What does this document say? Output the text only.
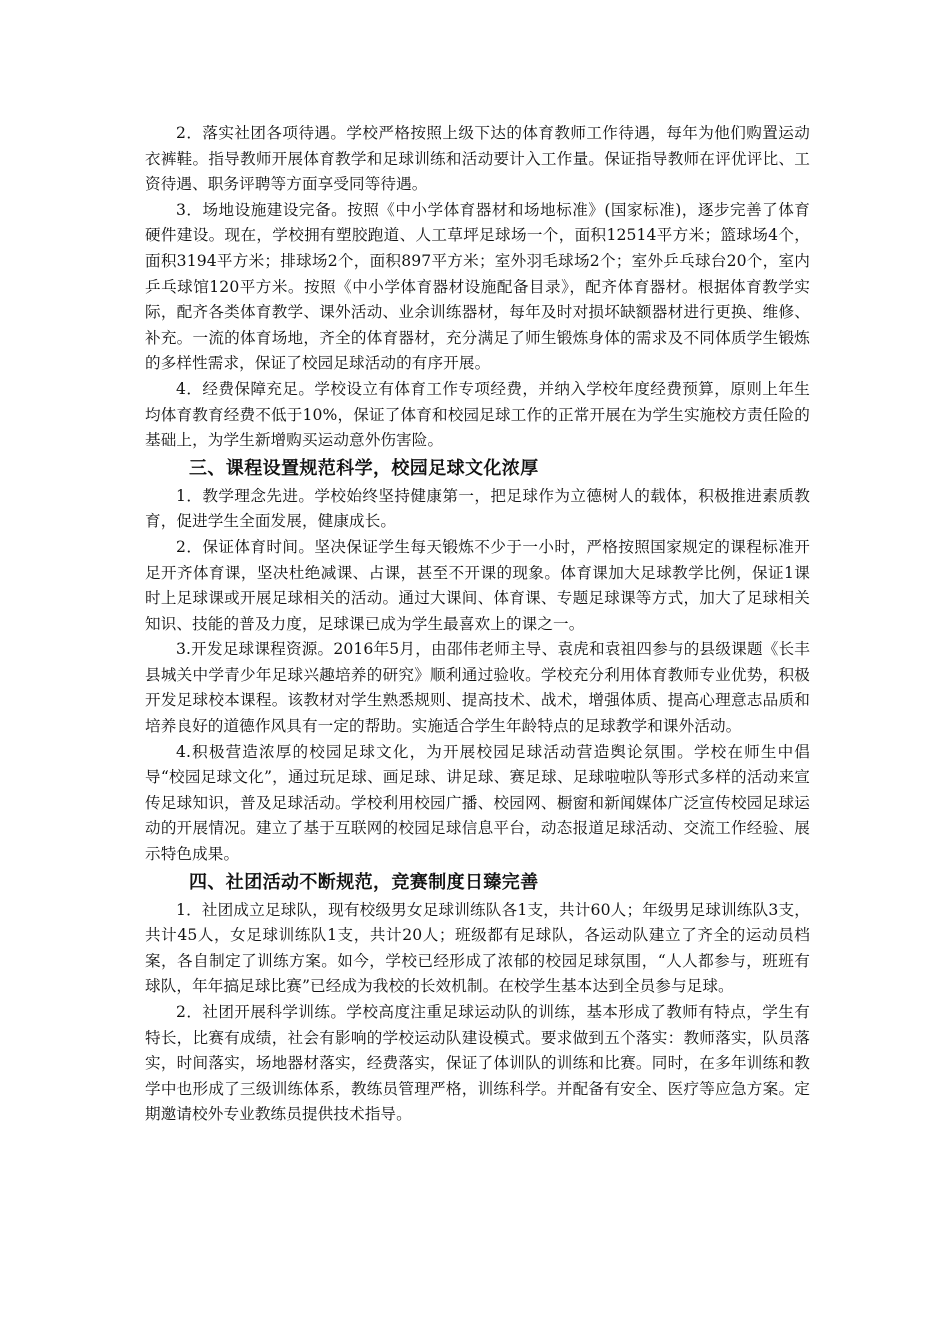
2．落实社团各项待遇。学校严格按照上级下达的体育教师工作待遇，每年为他们购置运动衣裤鞋。指导教师开展体育教学和足球训练和活动要计入工作量。保证指导教师在评优评比、工资待遇、职务评聘等方面享受同等待遇。

3．场地设施建设完备。按照《中小学体育器材和场地标准》(国家标准)，逐步完善了体育硬件建设。现在，学校拥有塑胶跑道、人工草坪足球场一个，面积12514平方米；篮球场4个，面积3194平方米；排球场2个，面积897平方米；室外羽毛球场2个；室外乒乓球台20个，室内乒乓球馆120平方米。按照《中小学体育器材设施配备目录》，配齐体育器材。根据体育教学实际，配齐各类体育教学、课外活动、业余训练器材，每年及时对损坏缺额器材进行更换、维修、补充。一流的体育场地，齐全的体育器材，充分满足了师生锻炼身体的需求及不同体质学生锻炼的多样性需求，保证了校园足球活动的有序开展。

4．经费保障充足。学校设立有体育工作专项经费，并纳入学校年度经费预算，原则上年生均体育教育经费不低于10%，保证了体育和校园足球工作的正常开展在为学生实施校方责任险的基础上，为学生新增购买运动意外伤害险。

三、课程设置规范科学，校园足球文化浓厚

1．教学理念先进。学校始终坚持健康第一，把足球作为立德树人的载体，积极推进素质教育，促进学生全面发展，健康成长。

2．保证体育时间。坚决保证学生每天锻炼不少于一小时，严格按照国家规定的课程标准开足开齐体育课，坚决杜绝减课、占课，甚至不开课的现象。体育课加大足球教学比例，保证1课时上足球课或开展足球相关的活动。通过大课间、体育课、专题足球课等方式，加大了足球相关知识、技能的普及力度，足球课已成为学生最喜欢上的课之一。

3.开发足球课程资源。2016年5月，由邵伟老师主导、袁虎和袁祖四参与的县级课题《长丰县城关中学青少年足球兴趣培养的研究》顺利通过验收。学校充分利用体育教师专业优势，积极开发足球校本课程。该教材对学生熟悉规则、提高技术、战术，增强体质、提高心理意志品质和培养良好的道德作风具有一定的帮助。实施适合学生年龄特点的足球教学和课外活动。

4.积极营造浓厚的校园足球文化，为开展校园足球活动营造舆论氛围。学校在师生中倡导“校园足球文化”，通过玩足球、画足球、讲足球、赛足球、足球啦啦队等形式多样的活动来宣传足球知识，普及足球活动。学校利用校园广播、校园网、橱窗和新闻媒体广泛宣传校园足球运动的开展情况。建立了基于互联网的校园足球信息平台，动态报道足球活动、交流工作经验、展示特色成果。

四、社团活动不断规范，竞赛制度日臻完善

1．社团成立足球队，现有校级男女足球训练队各1支，共计60人；年级男足球训练队3支，共计45人，女足球训练队1支，共计20人；班级都有足球队，各运动队建立了齐全的运动员档案，各自制定了训练方案。如今，学校已经形成了浓郁的校园足球氛围，“人人都参与，班班有球队，年年搞足球比赛”已经成为我校的长效机制。在校学生基本达到全员参与足球。

2．社团开展科学训练。学校高度注重足球运动队的训练，基本形成了教师有特点，学生有特长，比赛有成绩，社会有影响的学校运动队建设模式。要求做到五个落实：教师落实，队员落实，时间落实，场地器材落实，经费落实，保证了体训队的训练和比赛。同时，在多年训练和教学中也形成了三级训练体系，教练员管理严格，训练科学。并配备有安全、医疗等应急方案。定期邀请校外专业教练员提供技术指导。
